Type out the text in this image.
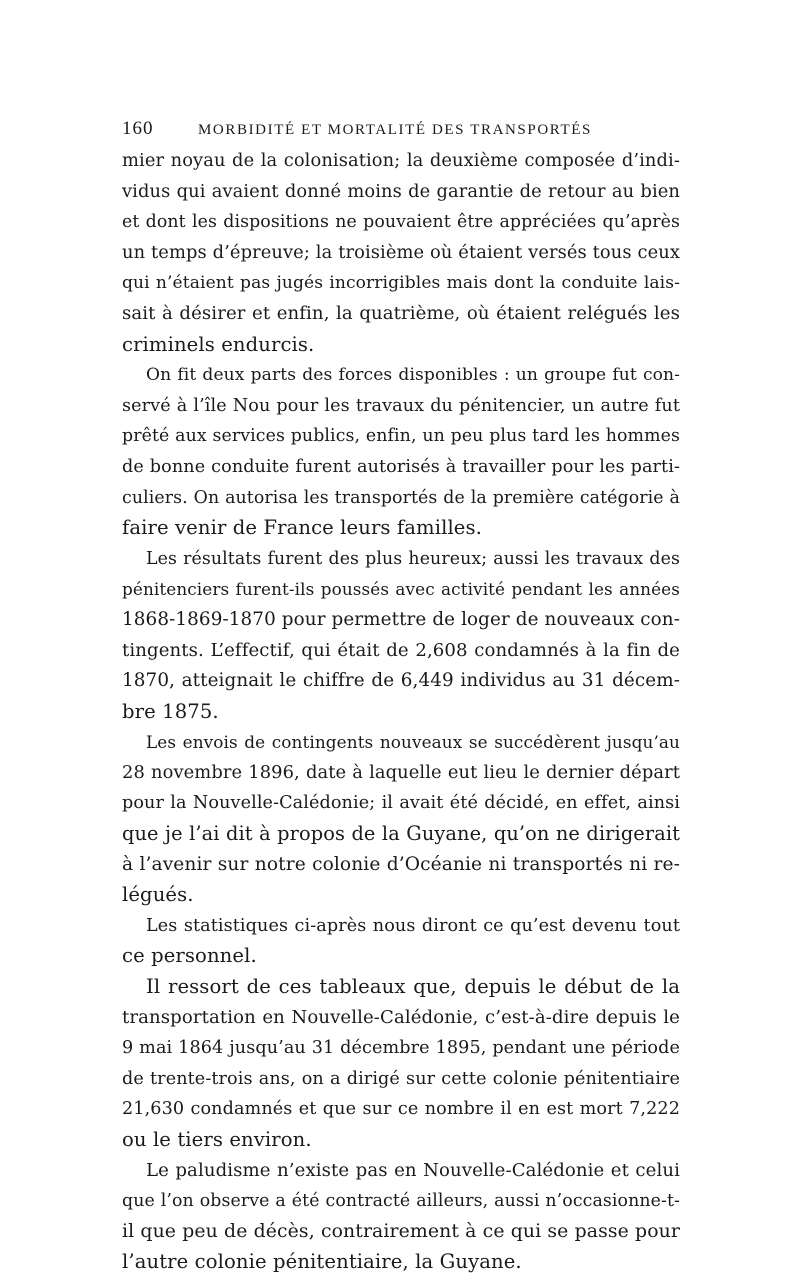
160	MORBIDITÉ ET MORTALITÉ DES TRANSPORTÉS
mier noyau de la colonisation; la deuxième composée d’indi-
vidus qui avaient donné moins de garantie de retour au bien
et dont les dispositions ne pouvaient être appréciées qu’après
un temps d’épreuve; la troisième où étaient versés tous ceux
qui n’étaient pas jugés incorrigibles mais dont la conduite lais-
sait à désirer et enfin, la quatrième, où étaient relégués les
criminels endurcis.
On fit deux parts des forces disponibles : un groupe fut con-
servé à l’île Nou pour les travaux du pénitencier, un autre fut
prêté aux services publics, enfin, un peu plus tard les hommes
de bonne conduite furent autorisés à travailler pour les parti-
culiers. On autorisa les transportés de la première catégorie à
faire venir de France leurs familles.
Les résultats furent des plus heureux; aussi les travaux des
pénitenciers furent-ils poussés avec activité pendant les années
1868-1869-1870 pour permettre de loger de nouveaux con-
tingents. L’effectif, qui était de 2,608 condamnés à la fin de
1870, atteignait le chiffre de 6,449 individus au 31 décem-
bre 1875.
Les envois de contingents nouveaux se succédèrent jusqu’au
28 novembre 1896, date à laquelle eut lieu le dernier départ
pour la Nouvelle-Calédonie; il avait été décidé, en effet, ainsi
que je l’ai dit à propos de la Guyane, qu’on ne dirigerait
à l’avenir sur notre colonie d’Océanie ni transportés ni re-
légués.
Les statistiques ci-après nous diront ce qu’est devenu tout
ce personnel.
Il ressort de ces tableaux que, depuis le début de la
transportation en Nouvelle-Calédonie, c’est-à-dire depuis le
9 mai 1864 jusqu’au 31 décembre 1895, pendant une période
de trente-trois ans, on a dirigé sur cette colonie pénitentiaire
21,630 condamnés et que sur ce nombre il en est mort 7,222
ou le tiers environ.
Le paludisme n’existe pas en Nouvelle-Calédonie et celui
que l’on observe a été contracté ailleurs, aussi n’occasionne-t-
il que peu de décès, contrairement à ce qui se passe pour
l’autre colonie pénitentiaire, la Guyane.
